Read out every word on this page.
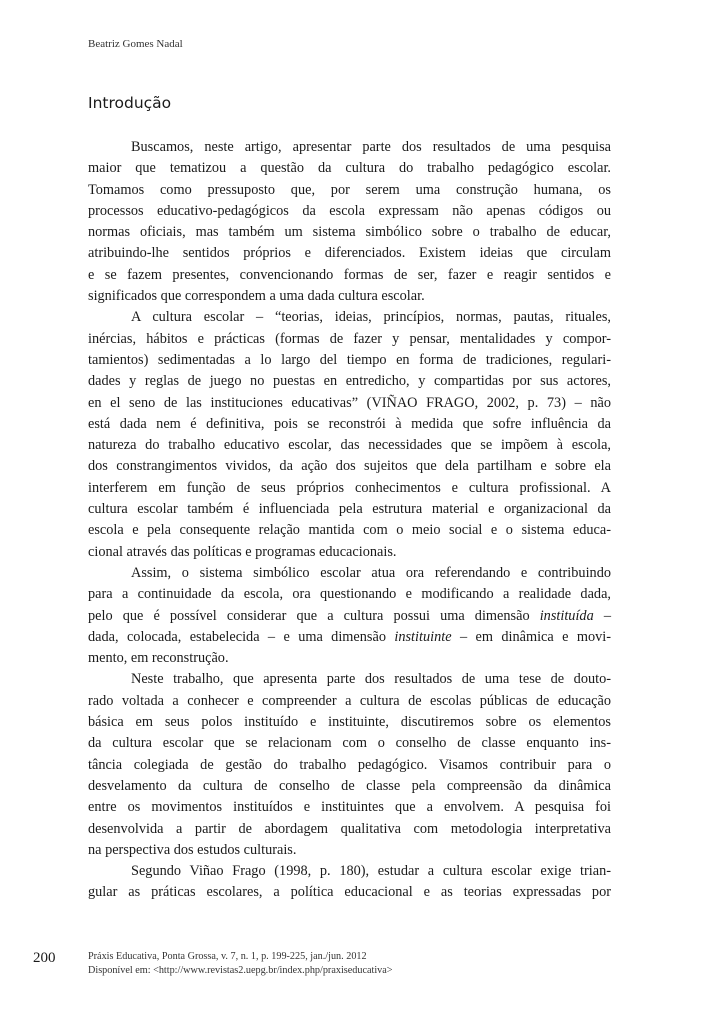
Beatriz Gomes Nadal
Introdução
Buscamos, neste artigo, apresentar parte dos resultados de uma pesquisa
maior que tematizou a questão da cultura do trabalho pedagógico escolar.
Tomamos como pressuposto que, por serem uma construção humana, os
processos educativo-pedagógicos da escola expressam não apenas códigos ou
normas oficiais, mas também um sistema simbólico sobre o trabalho de educar,
atribuindo-lhe sentidos próprios e diferenciados. Existem ideias que circulam
e se fazem presentes, convencionando formas de ser, fazer e reagir sentidos e
significados que correspondem a uma dada cultura escolar.
A cultura escolar – “teorias, ideias, princípios, normas, pautas, rituales,
inércias, hábitos e prácticas (formas de fazer y pensar, mentalidades y compor-
tamientos) sedimentadas a lo largo del tiempo en forma de tradiciones, regulari-
dades y reglas de juego no puestas en entredicho, y compartidas por sus actores,
en el seno de las instituciones educativas” (VIÑAO FRAGO, 2002, p. 73) – não
está dada nem é definitiva, pois se reconstrói à medida que sofre influência da
natureza do trabalho educativo escolar, das necessidades que se impõem à escola,
dos constrangimentos vividos, da ação dos sujeitos que dela partilham e sobre ela
interferem em função de seus próprios conhecimentos e cultura profissional. A
cultura escolar também é influenciada pela estrutura material e organizacional da
escola e pela consequente relação mantida com o meio social e o sistema educa-
cional através das políticas e programas educacionais.
Assim, o sistema simbólico escolar atua ora referendando e contribuindo
para a continuidade da escola, ora questionando e modificando a realidade dada,
pelo que é possível considerar que a cultura possui uma dimensão instituída –
dada, colocada, estabelecida – e uma dimensão instituinte – em dinâmica e movi-
mento, em reconstrução.
Neste trabalho, que apresenta parte dos resultados de uma tese de douto-
rado voltada a conhecer e compreender a cultura de escolas públicas de educação
básica em seus polos instituído e instituinte, discutiremos sobre os elementos
da cultura escolar que se relacionam com o conselho de classe enquanto ins-
tância colegiada de gestão do trabalho pedagógico. Visamos contribuir para o
desvelamento da cultura de conselho de classe pela compreensão da dinâmica
entre os movimentos instituídos e instituintes que a envolvem. A pesquisa foi
desenvolvida a partir de abordagem qualitativa com metodologia interpretativa
na perspectiva dos estudos culturais.
Segundo Viñao Frago (1998, p. 180), estudar a cultura escolar exige trian-
gular as práticas escolares, a política educacional e as teorias expressadas por
200	Práxis Educativa, Ponta Grossa, v. 7, n. 1, p. 199-225, jan./jun. 2012
Disponível em: <http://www.revistas2.uepg.br/index.php/praxiseducativa>
